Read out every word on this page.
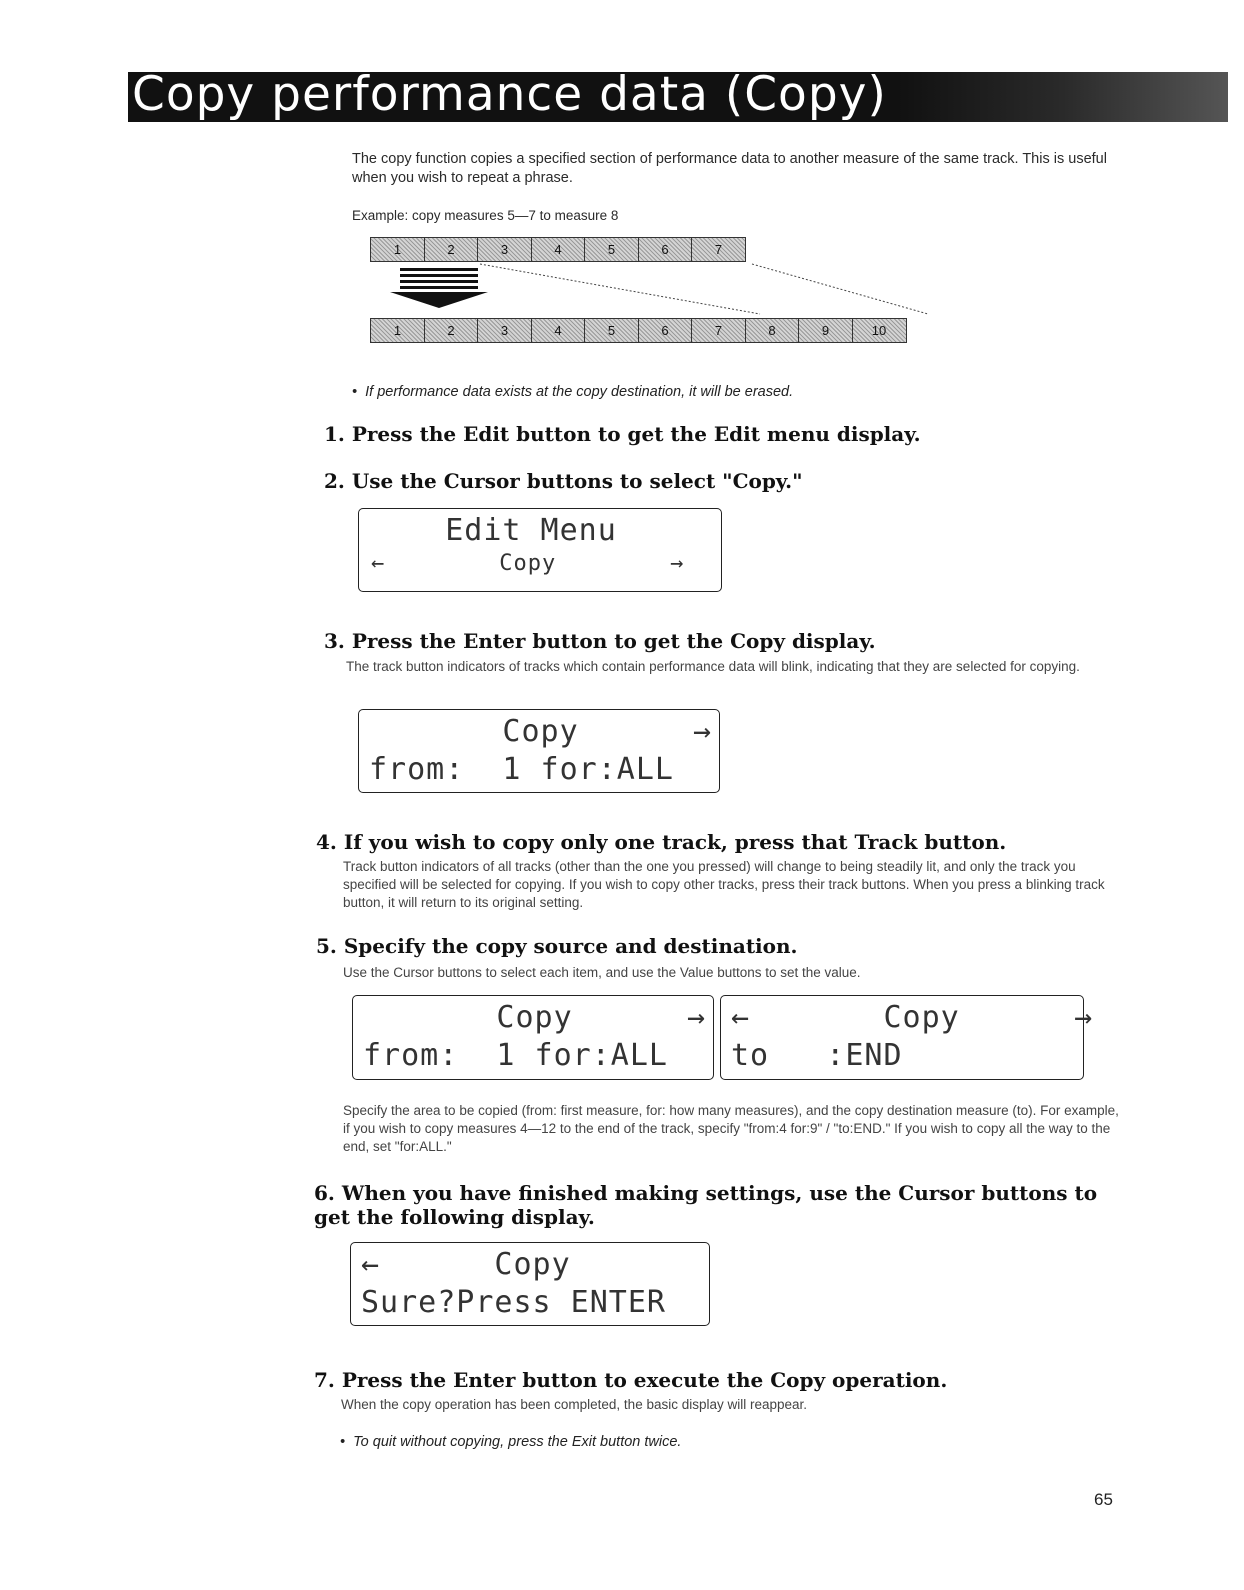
Copy performance data (Copy)
The copy function copies a specified section of performance data to another measure of the same track. This is useful when you wish to repeat a phrase.
Example: copy measures 5—7 to measure 8
1	2	3	4	5	6	7
1	2	3	4	5	6	7	8	9	10
•  If performance data exists at the copy destination, it will be erased.
1. Press the Edit button to get the Edit menu display.
2. Use the Cursor buttons to select "Copy."
Edit Menu
←        Copy        →
3. Press the Enter button to get the Copy display.
The track button indicators of tracks which contain performance data will blink, indicating that they are selected for copying.
Copy      →
from:  1 for:ALL
4. If you wish to copy only one track, press that Track button.
Track button indicators of all tracks (other than the one you pressed) will change to being steadily lit, and only the track you specified will be selected for copying. If you wish to copy other tracks, press their track buttons. When you press a blinking track button, it will return to its original setting.
5. Specify the copy source and destination.
Use the Cursor buttons to select each item, and use the Value buttons to set the value.
Copy      →
from:  1 for:ALL
←       Copy      →
to   :END
Specify the area to be copied (from: first measure, for: how many measures), and the copy destination measure (to). For example, if you wish to copy measures 4—12 to the end of the track, specify "from:4 for:9" / "to:END." If you wish to copy all the way to the end, set "for:ALL."
6. When you have finished making settings, use the Cursor buttons to get the following display.
←      Copy
Sure?Press ENTER
7. Press the Enter button to execute the Copy operation.
When the copy operation has been completed, the basic display will reappear.
•  To quit without copying, press the Exit button twice.
65
